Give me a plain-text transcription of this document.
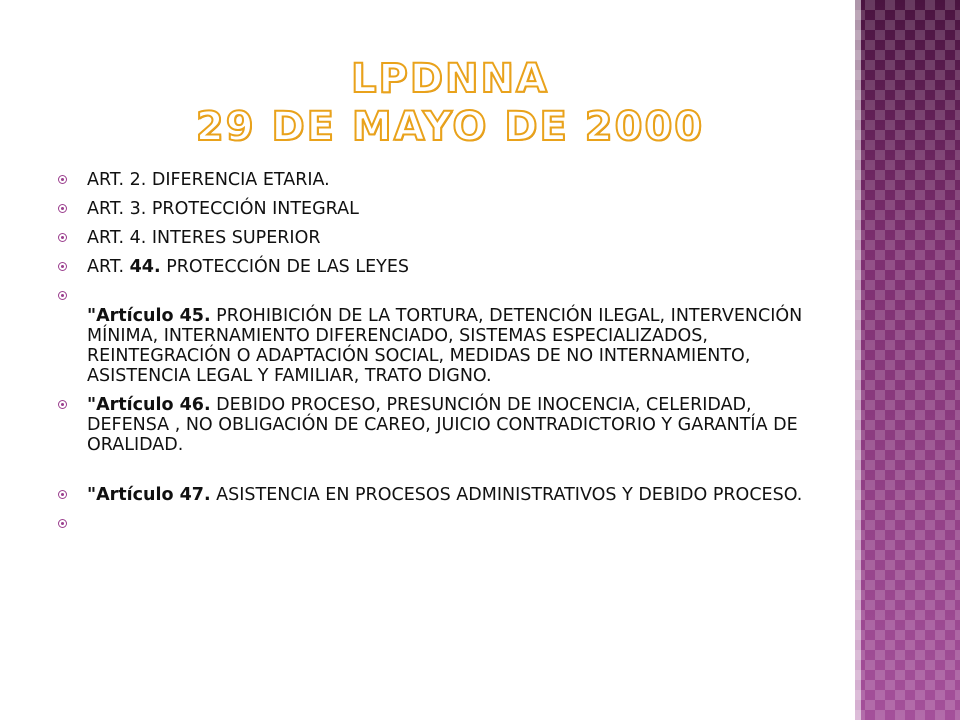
LPDNNA
29 DE MAYO DE 2000
ART. 2. DIFERENCIA ETARIA.
ART. 3. PROTECCIÓN INTEGRAL
ART. 4. INTERES SUPERIOR
ART. 44. PROTECCIÓN DE LAS LEYES
"Artículo 45. PROHIBICIÓN DE LA TORTURA, DETENCIÓN ILEGAL, INTERVENCIÓN MÍNIMA, INTERNAMIENTO DIFERENCIADO, SISTEMAS ESPECIALIZADOS, REINTEGRACIÓN O ADAPTACIÓN SOCIAL, MEDIDAS DE NO INTERNAMIENTO, ASISTENCIA LEGAL Y FAMILIAR, TRATO DIGNO.
"Artículo 46. DEBIDO PROCESO, PRESUNCIÓN DE INOCENCIA, CELERIDAD, DEFENSA , NO OBLIGACIÓN DE CAREO, JUICIO CONTRADICTORIO Y GARANTÍA DE ORALIDAD.
"Artículo 47. ASISTENCIA EN PROCESOS ADMINISTRATIVOS Y DEBIDO PROCESO.
